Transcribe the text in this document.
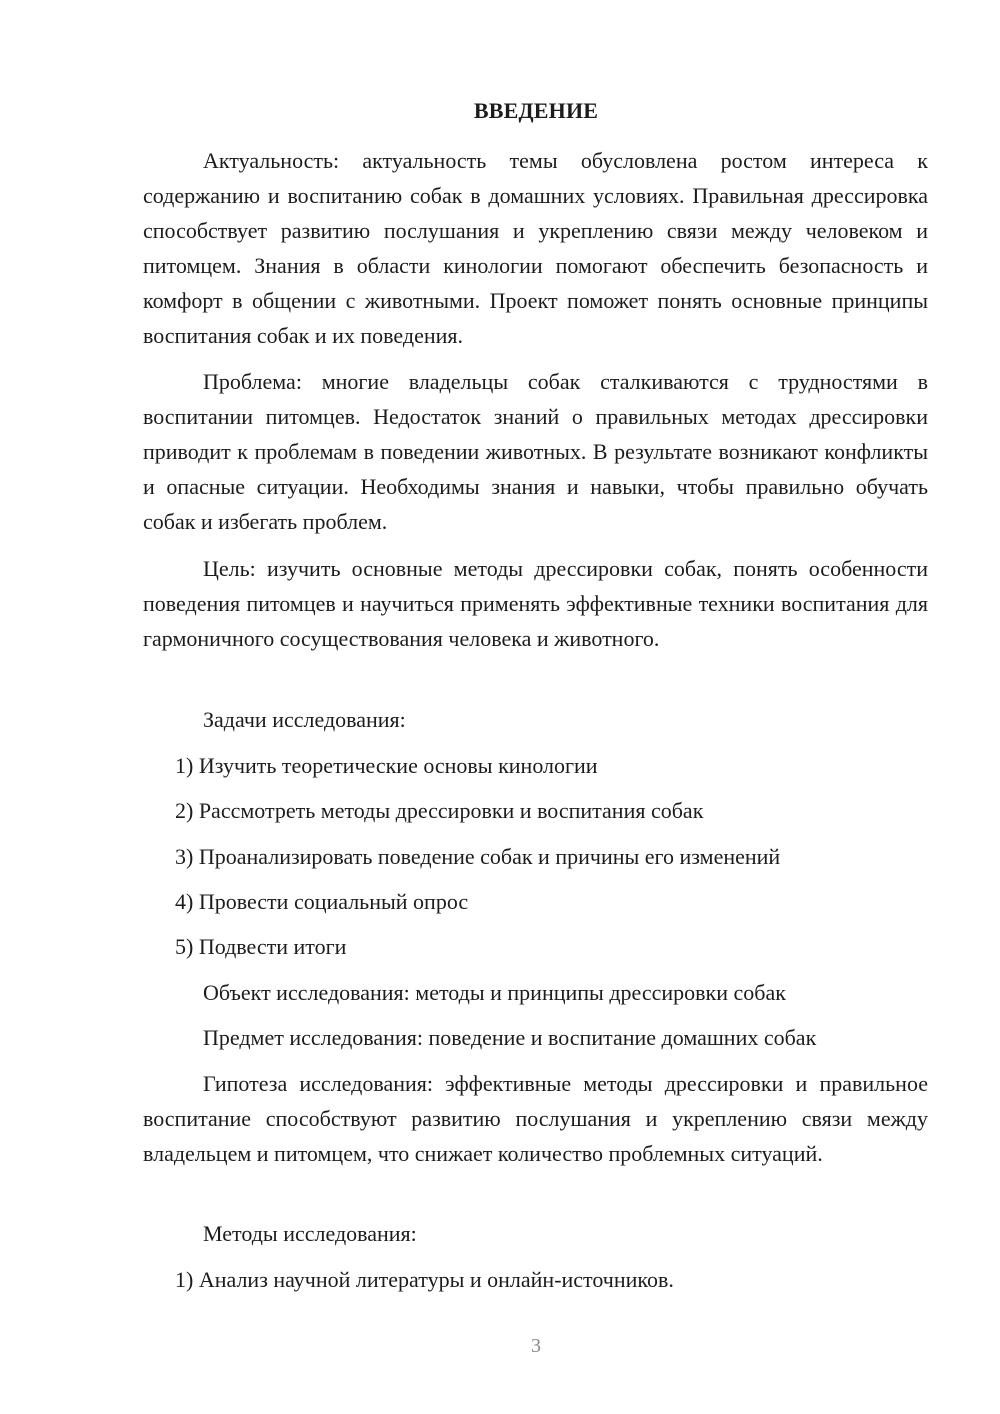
ВВЕДЕНИЕ

Актуальность: актуальность темы обусловлена ростом интереса к содержанию и воспитанию собак в домашних условиях. Правильная дрессировка способствует развитию послушания и укреплению связи между человеком и питомцем. Знания в области кинологии помогают обеспечить безопасность и комфорт в общении с животными. Проект поможет понять основные принципы воспитания собак и их поведения.

Проблема: многие владельцы собак сталкиваются с трудностями в воспитании питомцев. Недостаток знаний о правильных методах дрессировки приводит к проблемам в поведении животных. В результате возникают конфликты и опасные ситуации. Необходимы знания и навыки, чтобы правильно обучать собак и избегать проблем.

Цель: изучить основные методы дрессировки собак, понять особенности поведения питомцев и научиться применять эффективные техники воспитания для гармоничного сосуществования человека и животного.

Задачи исследования:

1) Изучить теоретические основы кинологии

2) Рассмотреть методы дрессировки и воспитания собак

3) Проанализировать поведение собак и причины его изменений

4) Провести социальный опрос

5) Подвести итоги

Объект исследования: методы и принципы дрессировки собак

Предмет исследования: поведение и воспитание домашних собак

Гипотеза исследования: эффективные методы дрессировки и правильное воспитание способствуют развитию послушания и укреплению связи между владельцем и питомцем, что снижает количество проблемных ситуаций.

Методы исследования:

1) Анализ научной литературы и онлайн-источников.

3
